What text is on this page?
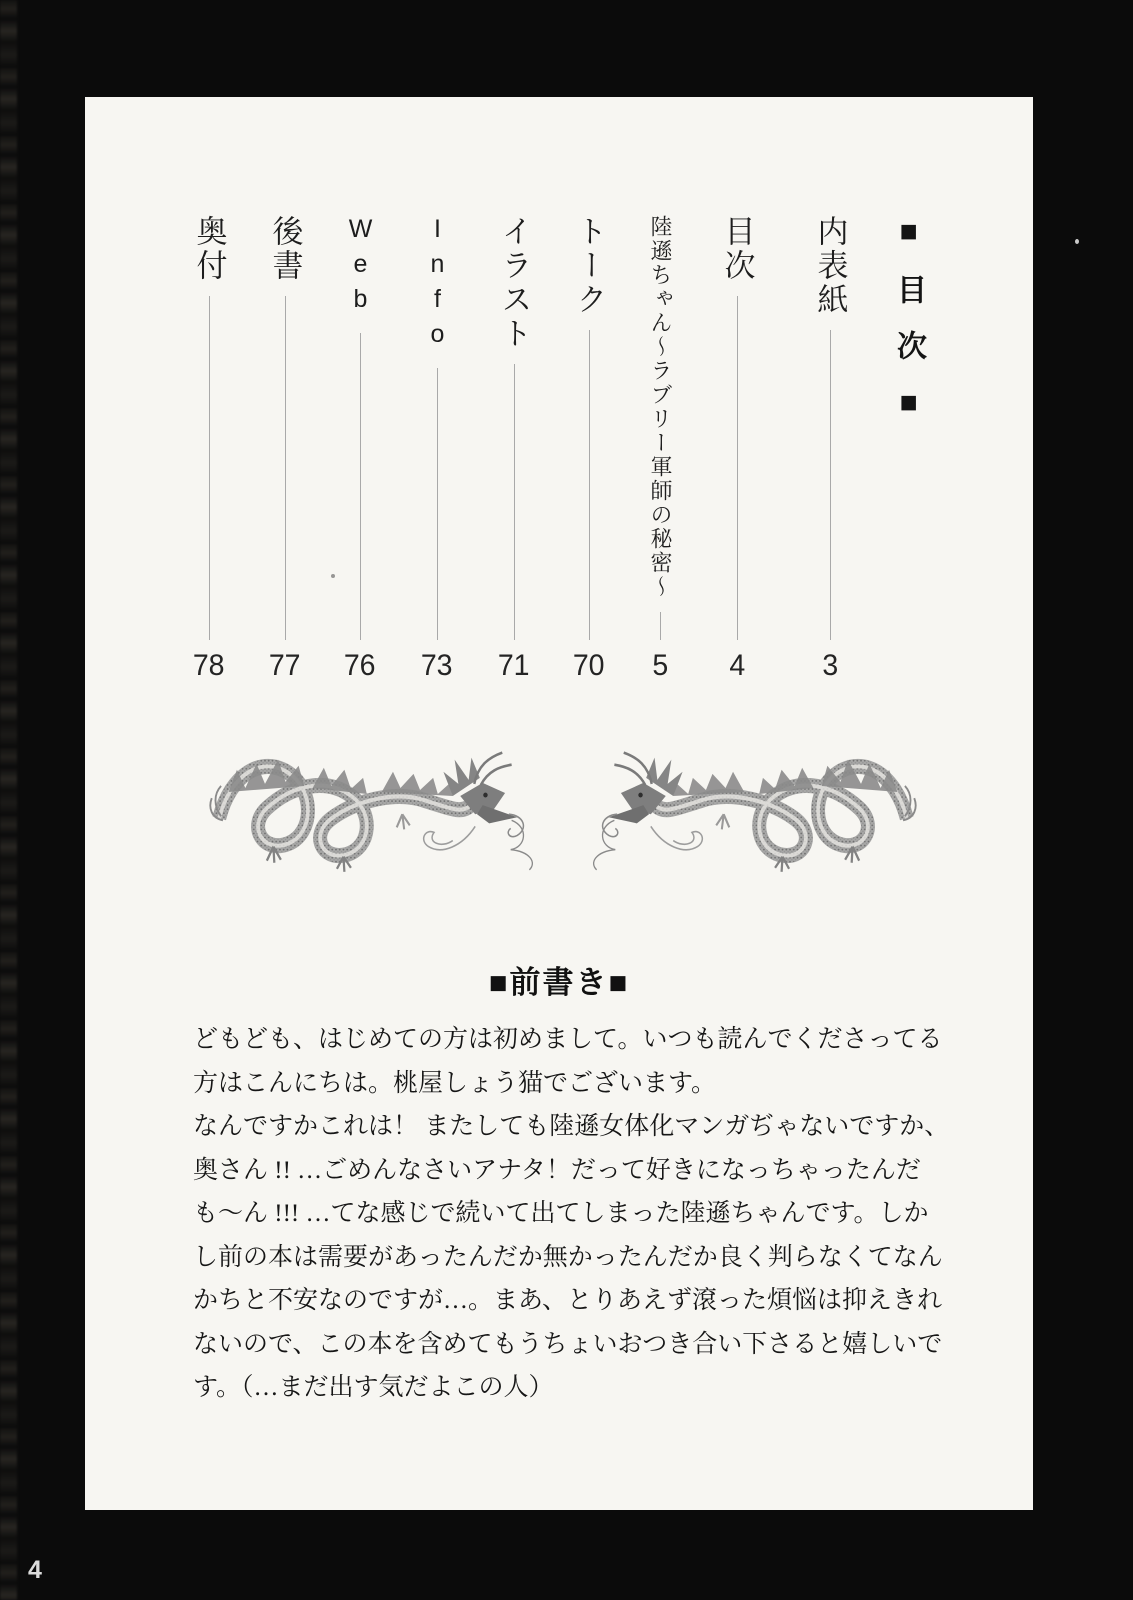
■目次■
内表紙
3
目次
4
陸遜ちゃん〜ラブリー軍師の秘密〜
5
トーク
70
イラスト
71
Info
73
Web
76
後書
77
奥付
78
■前書き■

どもども、はじめての方は初めまして。いつも読んでくださってる

方はこんにちは。桃屋しょう猫でございます。

なんですかこれは！ またしても陸遜女体化マンガぢゃないですか、

奥さん !! …ごめんなさいアナタ！だって好きになっちゃったんだ

も〜ん !!! …てな感じで続いて出てしまった陸遜ちゃんです。しか

し前の本は需要があったんだか無かったんだか良く判らなくてなん

かちと不安なのですが…。まあ、とりあえず滾った煩悩は抑えきれ

ないので、この本を含めてもうちょいおつき合い下さると嬉しいで

す。（…まだ出す気だよこの人）

4
